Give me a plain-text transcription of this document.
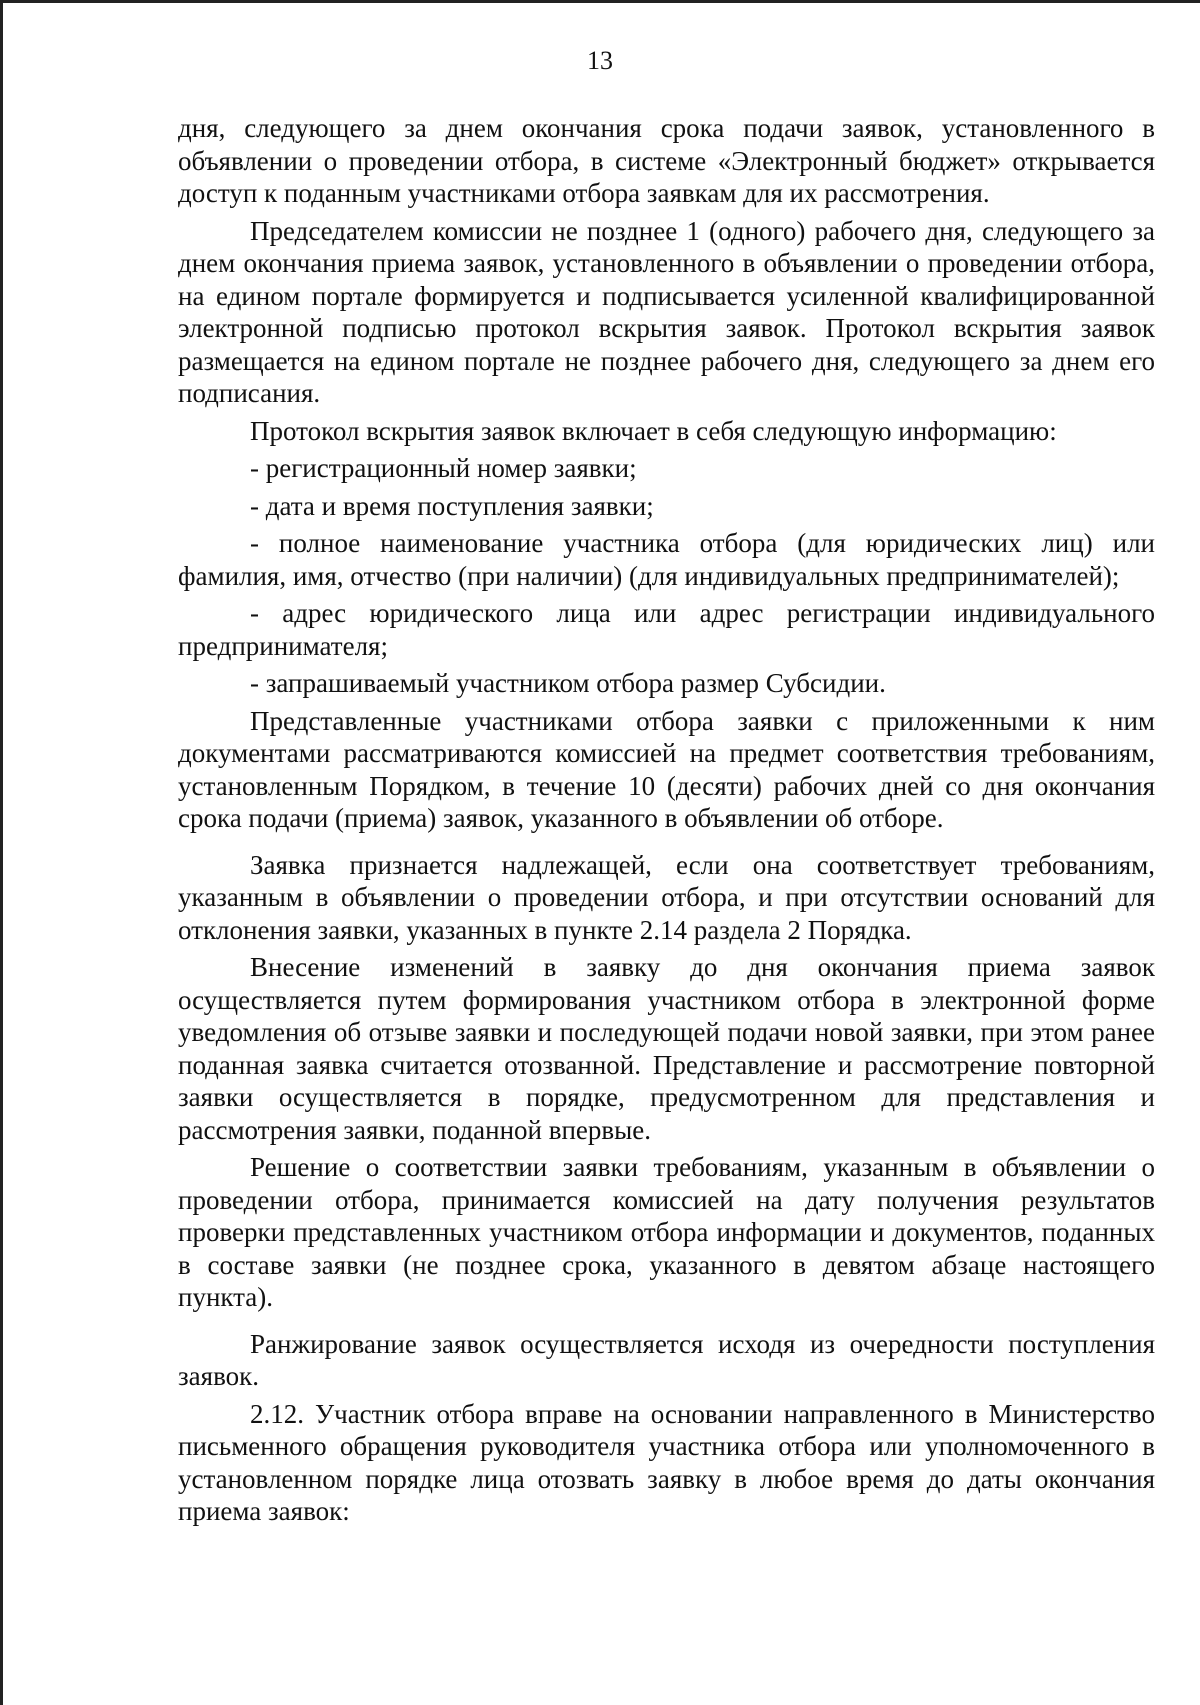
13

дня, следующего за днем окончания срока подачи заявок, установленного в объявлении о проведении отбора, в системе «Электронный бюджет» открывается доступ к поданным участниками отбора заявкам для их рассмотрения.

Председателем комиссии не позднее 1 (одного) рабочего дня, следующего за днем окончания приема заявок, установленного в объявлении о проведении отбора, на едином портале формируется и подписывается усиленной квалифицированной электронной подписью протокол вскрытия заявок. Протокол вскрытия заявок размещается на едином портале не позднее рабочего дня, следующего за днем его подписания.

Протокол вскрытия заявок включает в себя следующую информацию:

- регистрационный номер заявки;

- дата и время поступления заявки;

- полное наименование участника отбора (для юридических лиц) или фамилия, имя, отчество (при наличии) (для индивидуальных предпринимателей);

- адрес юридического лица или адрес регистрации индивидуального предпринимателя;

- запрашиваемый участником отбора размер Субсидии.

Представленные участниками отбора заявки с приложенными к ним документами рассматриваются комиссией на предмет соответствия требованиям, установленным Порядком, в течение 10 (десяти) рабочих дней со дня окончания срока подачи (приема) заявок, указанного в объявлении об отборе.

Заявка признается надлежащей, если она соответствует требованиям, указанным в объявлении о проведении отбора, и при отсутствии оснований для отклонения заявки, указанных в пункте 2.14 раздела 2 Порядка.

Внесение изменений в заявку до дня окончания приема заявок осуществляется путем формирования участником отбора в электронной форме уведомления об отзыве заявки и последующей подачи новой заявки, при этом ранее поданная заявка считается отозванной. Представление и рассмотрение повторной заявки осуществляется в порядке, предусмотренном для представления и рассмотрения заявки, поданной впервые.

Решение о соответствии заявки требованиям, указанным в объявлении о проведении отбора, принимается комиссией на дату получения результатов проверки представленных участником отбора информации и документов, поданных в составе заявки (не позднее срока, указанного в девятом абзаце настоящего пункта).

Ранжирование заявок осуществляется исходя из очередности поступления заявок.

2.12. Участник отбора вправе на основании направленного в Министерство письменного обращения руководителя участника отбора или уполномоченного в установленном порядке лица отозвать заявку в любое время до даты окончания приема заявок:
